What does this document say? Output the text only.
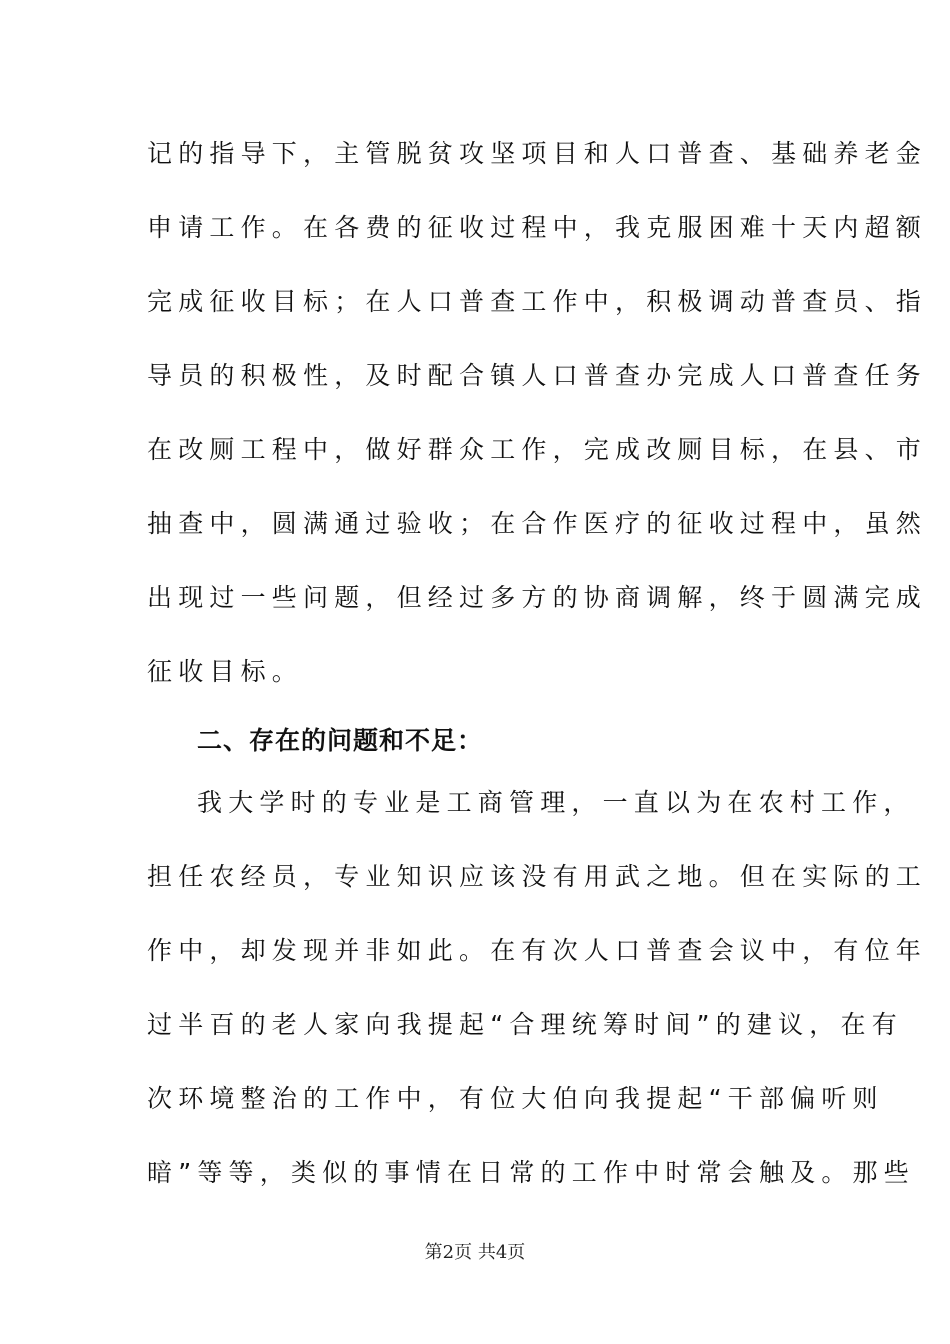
记的指导下，主管脱贫攻坚项目和人口普查、基础养老金
申请工作。在各费的征收过程中，我克服困难十天内超额
完成征收目标；在人口普查工作中，积极调动普查员、指
导员的积极性，及时配合镇人口普查办完成人口普查任务
在改厕工程中，做好群众工作，完成改厕目标，在县、市
抽查中，圆满通过验收；在合作医疗的征收过程中，虽然
出现过一些问题，但经过多方的协商调解，终于圆满完成
征收目标。
二、存在的问题和不足：
我大学时的专业是工商管理，一直以为在农村工作，
担任农经员，专业知识应该没有用武之地。但在实际的工
作中，却发现并非如此。在有次人口普查会议中，有位年
过半百的老人家向我提起“合理统筹时间”的建议，在有
次环境整治的工作中，有位大伯向我提起“干部偏听则
暗”等等，类似的事情在日常的工作中时常会触及。那些
第2页 共4页
